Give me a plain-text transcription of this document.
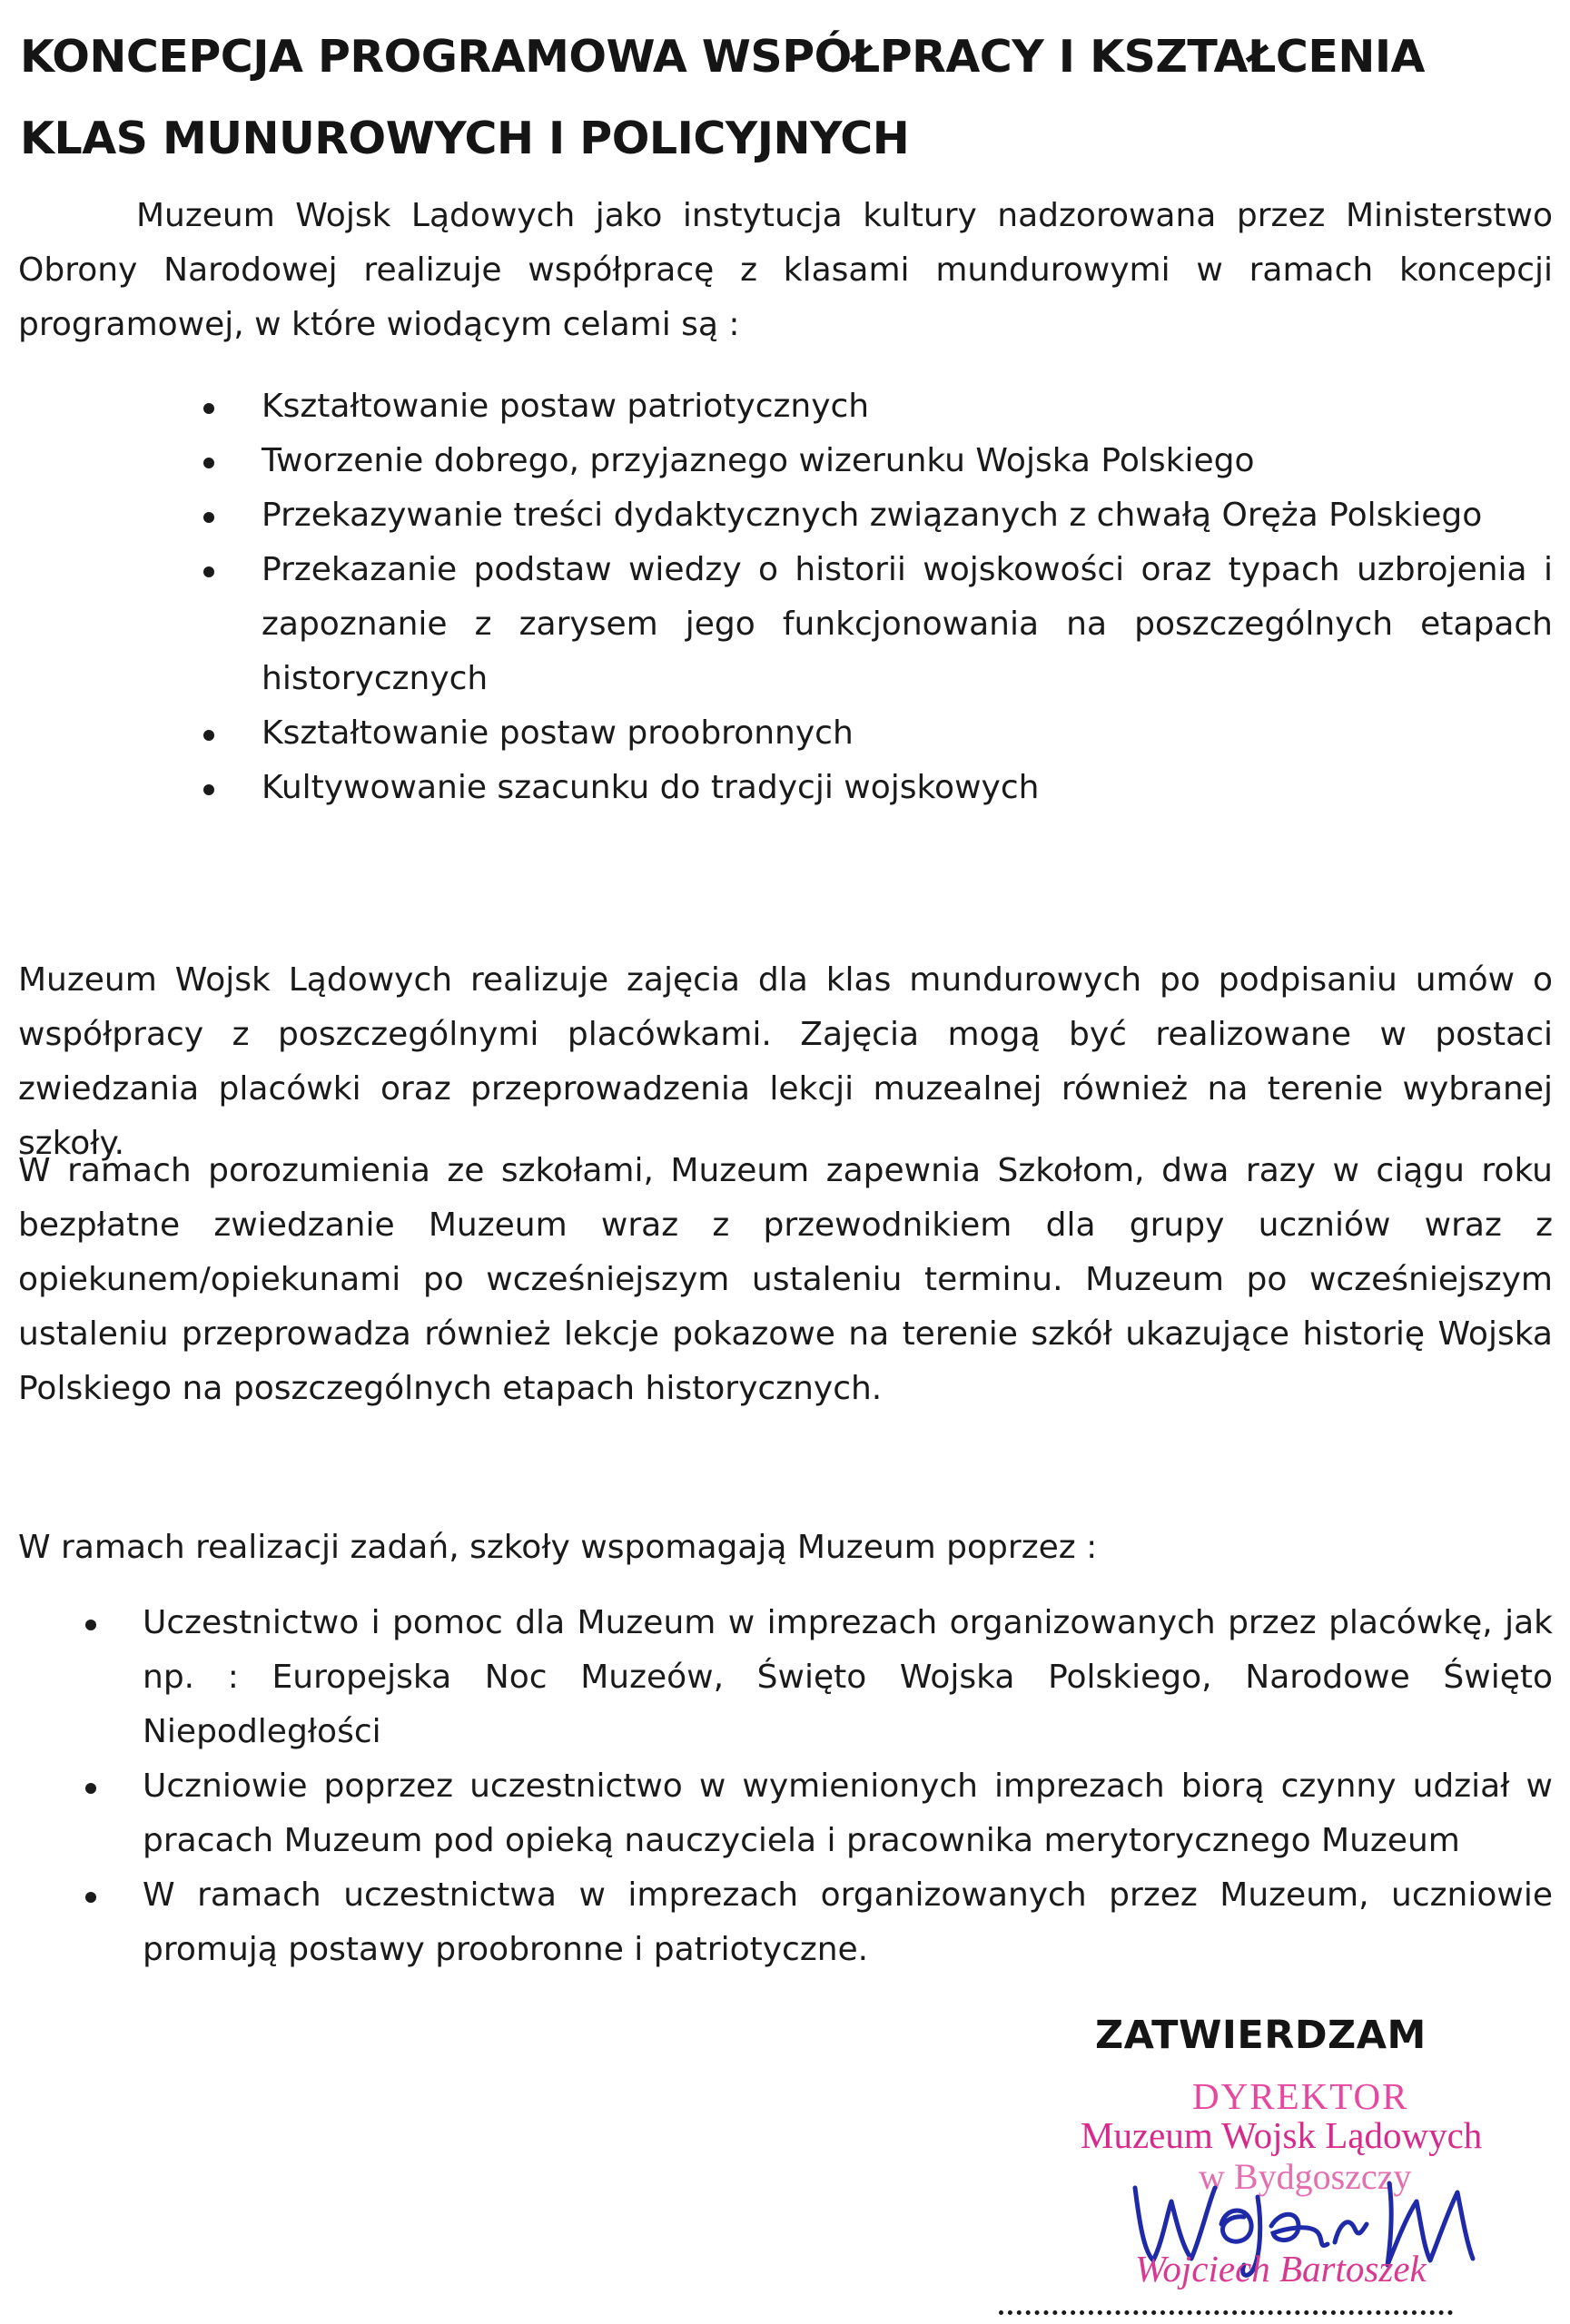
KONCEPCJA PROGRAMOWA WSPÓŁPRACY I KSZTAŁCENIA
KLAS MUNUROWYCH I POLICYJNYCH

Muzeum Wojsk Lądowych jako instytucja kultury nadzorowana przez Ministerstwo Obrony Narodowej realizuje współpracę z klasami mundurowymi w ramach koncepcji programowej, w które wiodącym celami są :

Kształtowanie postaw patriotycznych
Tworzenie dobrego, przyjaznego wizerunku Wojska Polskiego
Przekazywanie treści dydaktycznych związanych z chwałą Oręża Polskiego
Przekazanie podstaw wiedzy o historii wojskowości oraz typach uzbrojenia i zapoznanie z zarysem jego funkcjonowania na poszczególnych etapach historycznych
Kształtowanie postaw proobronnych
Kultywowanie szacunku do tradycji wojskowych

Muzeum Wojsk Lądowych realizuje zajęcia dla klas mundurowych po podpisaniu umów o współpracy z poszczególnymi placówkami. Zajęcia mogą być realizowane w postaci zwiedzania placówki oraz przeprowadzenia lekcji muzealnej również na terenie wybranej szkoły.

W ramach porozumienia ze szkołami, Muzeum zapewnia Szkołom, dwa razy w ciągu roku bezpłatne zwiedzanie Muzeum wraz z przewodnikiem dla grupy uczniów wraz z opiekunem/opiekunami po wcześniejszym ustaleniu terminu. Muzeum po wcześniejszym ustaleniu przeprowadza również lekcje pokazowe na terenie szkół ukazujące historię Wojska Polskiego na poszczególnych etapach historycznych.

W ramach realizacji zadań, szkoły wspomagają Muzeum poprzez :

Uczestnictwo i pomoc dla Muzeum w imprezach organizowanych przez placówkę, jak np. : Europejska Noc Muzeów, Święto Wojska Polskiego, Narodowe Święto Niepodległości
Uczniowie poprzez uczestnictwo w wymienionych imprezach biorą czynny udział w pracach Muzeum pod opieką nauczyciela i pracownika merytorycznego Muzeum
W ramach uczestnictwa w imprezach organizowanych przez Muzeum, uczniowie promują postawy proobronne i patriotyczne.
ZATWIERDZAM
DYREKTOR
Muzeum Wojsk Lądowych
w Bydgoszczy
Wojciech Bartoszek
